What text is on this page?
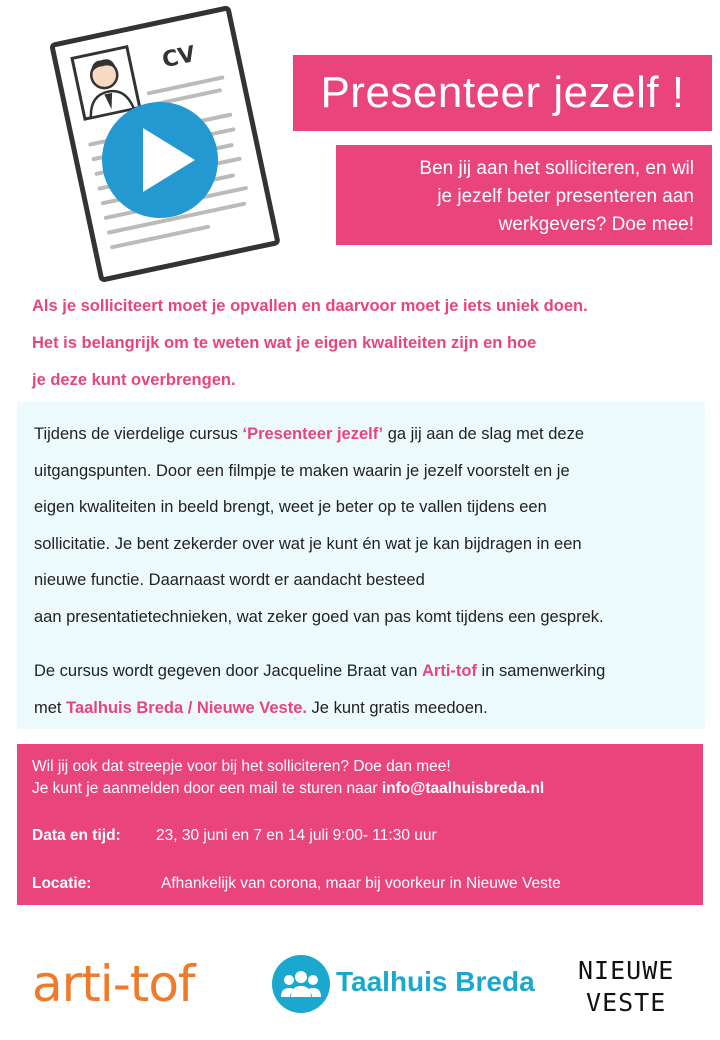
CV
Presenteer jezelf !
Ben jij aan het solliciteren, en wil
je jezelf beter presenteren aan
werkgevers? Doe mee!
Als je solliciteert moet je opvallen en daarvoor moet je iets uniek doen.
Het is belangrijk om te weten wat je eigen kwaliteiten zijn en hoe
je deze kunt overbrengen.
Tijdens de vierdelige cursus ‘Presenteer jezelf’ ga jij aan de slag met deze
uitgangspunten. Door een filmpje te maken waarin je jezelf voorstelt en je
eigen kwaliteiten in beeld brengt, weet je beter op te vallen tijdens een
sollicitatie. Je bent zekerder over wat je kunt én wat je kan bijdragen in een
nieuwe functie. Daarnaast wordt er aandacht besteed
aan presentatietechnieken, wat zeker goed van pas komt tijdens een gesprek.
De cursus wordt gegeven door Jacqueline Braat van Arti-tof in samenwerking
met Taalhuis Breda / Nieuwe Veste. Je kunt gratis meedoen.
Wil jij ook dat streepje voor bij het solliciteren? Doe dan mee!
Je kunt je aanmelden door een mail te sturen naar info@taalhuisbreda.nl
Data en tijd: 23, 30 juni en 7 en 14 juli 9:00- 11:30 uur
Locatie:	Afhankelijk van corona, maar bij voorkeur in Nieuwe Veste
arti-tof	Taalhuis Breda NIEUWE
VESTE
